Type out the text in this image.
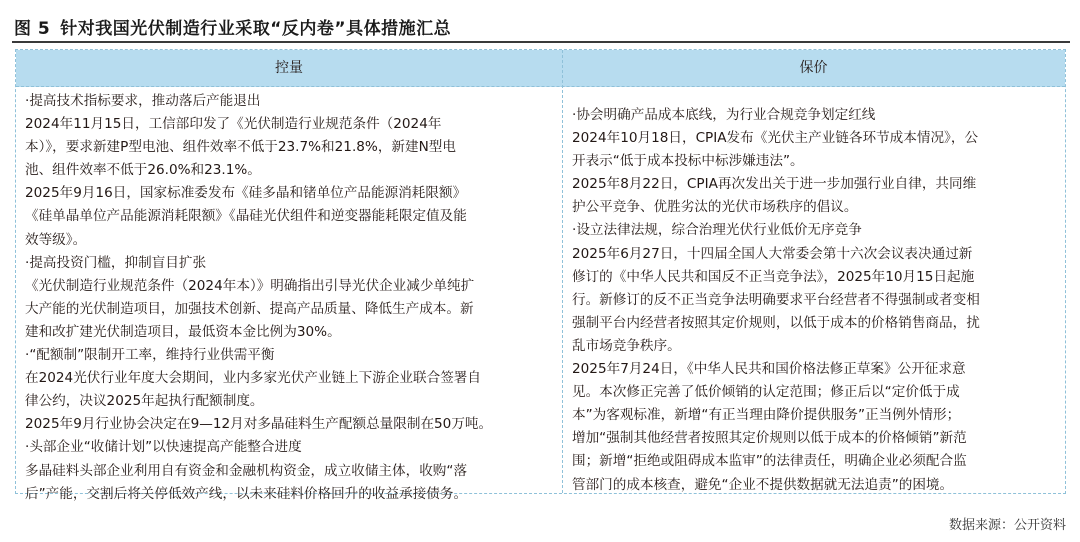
图 5 针对我国光伏制造行业采取“反内卷”具体措施汇总
控量	保价

·提高技术指标要求，推动落后产能退出

2024年11月15日，工信部印发了《光伏制造行业规范条件（2024年

本）》，要求新建P型电池、组件效率不低于23.7%和21.8%，新建N型电

池、组件效率不低于26.0%和23.1%。

2025年9月16日，国家标准委发布《硅多晶和锗单位产品能源消耗限额》

《硅单晶单位产品能源消耗限额》《晶硅光伏组件和逆变器能耗限定值及能

效等级》。

·提高投资门槛，抑制盲目扩张

《光伏制造行业规范条件（2024年本）》明确指出引导光伏企业减少单纯扩

大产能的光伏制造项目，加强技术创新、提高产品质量、降低生产成本。新

建和改扩建光伏制造项目，最低资本金比例为30%。

·“配额制”限制开工率，维持行业供需平衡

在2024光伏行业年度大会期间，业内多家光伏产业链上下游企业联合签署自

律公约，决议2025年起执行配额制度。

2025年9月行业协会决定在9—12月对多晶硅料生产配额总量限制在50万吨。

·头部企业“收储计划”以快速提高产能整合进度

多晶硅料头部企业利用自有资金和金融机构资金，成立收储主体，收购“落

后”产能，交割后将关停低效产线，以未来硅料价格回升的收益承接债务。

·协会明确产品成本底线，为行业合规竞争划定红线

2024年10月18日，CPIA发布《光伏主产业链各环节成本情况》，公

开表示“低于成本投标中标涉嫌违法”。

2025年8月22日，CPIA再次发出关于进一步加强行业自律，共同维

护公平竞争、优胜劣汰的光伏市场秩序的倡议。

·设立法律法规，综合治理光伏行业低价无序竞争

2025年6月27日，十四届全国人大常委会第十六次会议表决通过新

修订的《中华人民共和国反不正当竞争法》，2025年10月15日起施

行。新修订的反不正当竞争法明确要求平台经营者不得强制或者变相

强制平台内经营者按照其定价规则，以低于成本的价格销售商品，扰

乱市场竞争秩序。

2025年7月24日，《中华人民共和国价格法修正草案》公开征求意

见。本次修正完善了低价倾销的认定范围；修正后以“定价低于成

本”为客观标准，新增“有正当理由降价提供服务”正当例外情形；

增加“强制其他经营者按照其定价规则以低于成本的价格倾销”新范

围；新增“拒绝或阻碍成本监审”的法律责任，明确企业必须配合监

管部门的成本核查，避免“企业不提供数据就无法追责”的困境。

数据来源：公开资料
